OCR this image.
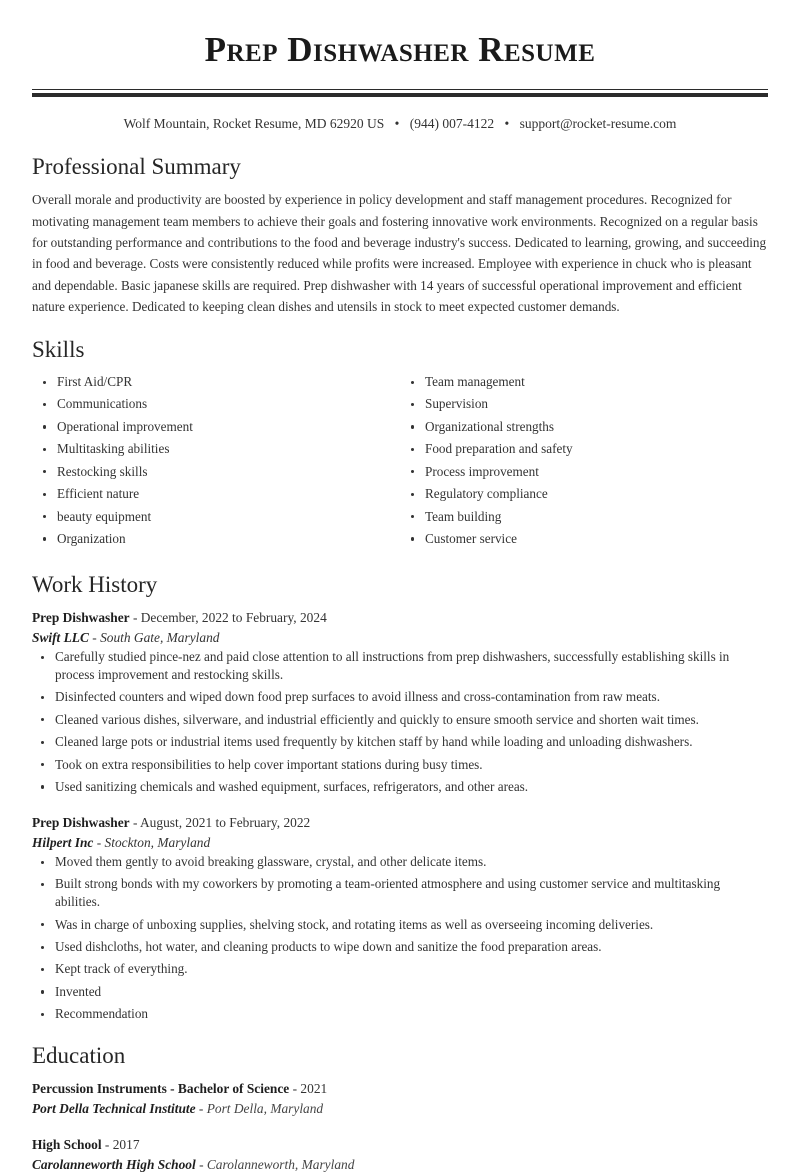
Prep Dishwasher Resume
Wolf Mountain, Rocket Resume, MD 62920 US • (944) 007-4122 • support@rocket-resume.com
Professional Summary

Overall morale and productivity are boosted by experience in policy development and staff management procedures. Recognized for motivating management team members to achieve their goals and fostering innovative work environments. Recognized on a regular basis for outstanding performance and contributions to the food and beverage industry's success. Dedicated to learning, growing, and succeeding in food and beverage. Costs were consistently reduced while profits were increased. Employee with experience in chuck who is pleasant and dependable. Basic japanese skills are required. Prep dishwasher with 14 years of successful operational improvement and efficient nature experience. Dedicated to keeping clean dishes and utensils in stock to meet expected customer demands.

Skills
First Aid/CPR
Communications
Operational improvement
Multitasking abilities
Restocking skills
Efficient nature
beauty equipment
Organization
Team management
Supervision
Organizational strengths
Food preparation and safety
Process improvement
Regulatory compliance
Team building
Customer service
Work History
Prep Dishwasher - December, 2022 to February, 2024
Swift LLC - South Gate, Maryland
Carefully studied pince-nez and paid close attention to all instructions from prep dishwashers, successfully establishing skills in process improvement and restocking skills.
Disinfected counters and wiped down food prep surfaces to avoid illness and cross-contamination from raw meats.
Cleaned various dishes, silverware, and industrial efficiently and quickly to ensure smooth service and shorten wait times.
Cleaned large pots or industrial items used frequently by kitchen staff by hand while loading and unloading dishwashers.
Took on extra responsibilities to help cover important stations during busy times.
Used sanitizing chemicals and washed equipment, surfaces, refrigerators, and other areas.
Prep Dishwasher - August, 2021 to February, 2022
Hilpert Inc - Stockton, Maryland
Moved them gently to avoid breaking glassware, crystal, and other delicate items.
Built strong bonds with my coworkers by promoting a team-oriented atmosphere and using customer service and multitasking abilities.
Was in charge of unboxing supplies, shelving stock, and rotating items as well as overseeing incoming deliveries.
Used dishcloths, hot water, and cleaning products to wipe down and sanitize the food preparation areas.
Kept track of everything.
Invented
Recommendation
Education
Percussion Instruments - Bachelor of Science - 2021
Port Della Technical Institute - Port Della, Maryland
High School - 2017
Carolanneworth High School - Carolanneworth, Maryland
